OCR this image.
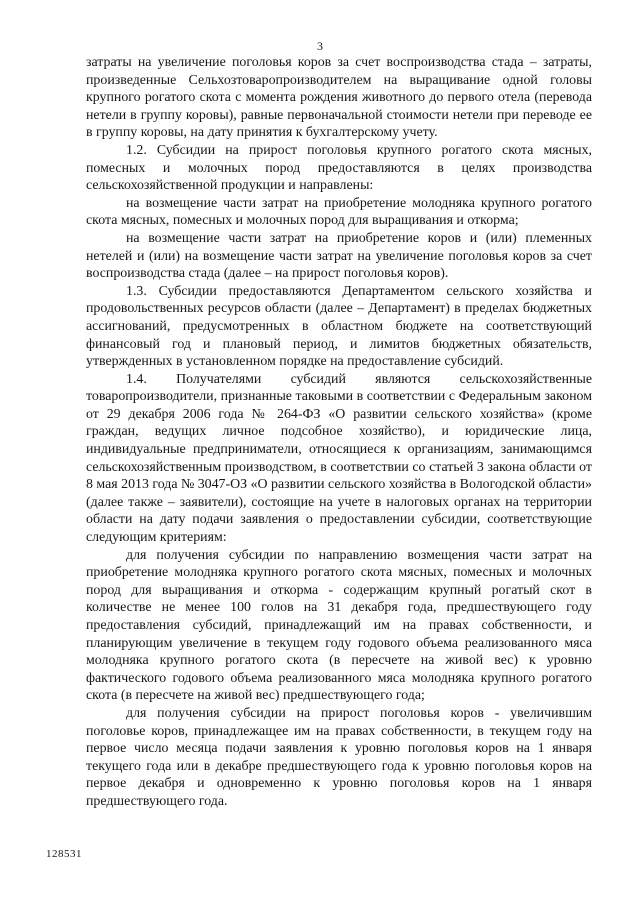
3

затраты на увеличение поголовья коров за счет воспроизводства стада – затраты, произведенные Сельхозтоваропроизводителем на выращивание одной головы крупного рогатого скота с момента рождения животного до первого отела (перевода нетели в группу коровы), равные первоначальной стоимости нетели при переводе ее в группу коровы, на дату принятия к бухгалтерскому учету.

1.2. Субсидии на прирост поголовья крупного рогатого скота мясных, помесных и молочных пород предоставляются в целях производства сельскохозяйственной продукции и направлены:

на возмещение части затрат на приобретение молодняка крупного рогатого скота мясных, помесных и молочных пород для выращивания и откорма;

на возмещение части затрат на приобретение коров и (или) племенных нетелей и (или) на возмещение части затрат на увеличение поголовья коров за счет воспроизводства стада (далее – на прирост поголовья коров).

1.3. Субсидии предоставляются Департаментом сельского хозяйства и продовольственных ресурсов области (далее – Департамент) в пределах бюджетных ассигнований, предусмотренных в областном бюджете на соответствующий финансовый год и плановый период, и лимитов бюджетных обязательств, утвержденных в установленном порядке на предоставление субсидий.

1.4. Получателями субсидий являются сельскохозяйственные товаропроизводители, признанные таковыми в соответствии с Федеральным законом от 29 декабря 2006 года № 264-ФЗ «О развитии сельского хозяйства» (кроме граждан, ведущих личное подсобное хозяйство), и юридические лица, индивидуальные предприниматели, относящиеся к организациям, занимающимся сельскохозяйственным производством, в соответствии со статьей 3 закона области от 8 мая 2013 года № 3047-ОЗ «О развитии сельского хозяйства в Вологодской области» (далее также – заявители), состоящие на учете в налоговых органах на территории области на дату подачи заявления о предоставлении субсидии, соответствующие следующим критериям:

для получения субсидии по направлению возмещения части затрат на приобретение молодняка крупного рогатого скота мясных, помесных и молочных пород для выращивания и откорма - содержащим крупный рогатый скот в количестве не менее 100 голов на 31 декабря года, предшествующего году предоставления субсидий, принадлежащий им на правах собственности, и планирующим увеличение в текущем году годового объема реализованного мяса молодняка крупного рогатого скота (в пересчете на живой вес) к уровню фактического годового объема реализованного мяса молодняка крупного рогатого скота (в пересчете на живой вес) предшествующего года;

для получения субсидии на прирост поголовья коров - увеличившим поголовье коров, принадлежащее им на правах собственности, в текущем году на первое число месяца подачи заявления к уровню поголовья коров на 1 января текущего года или в декабре предшествующего года к уровню поголовья коров на первое декабря и одновременно к уровню поголовья коров на 1 января предшествующего года.

128531
